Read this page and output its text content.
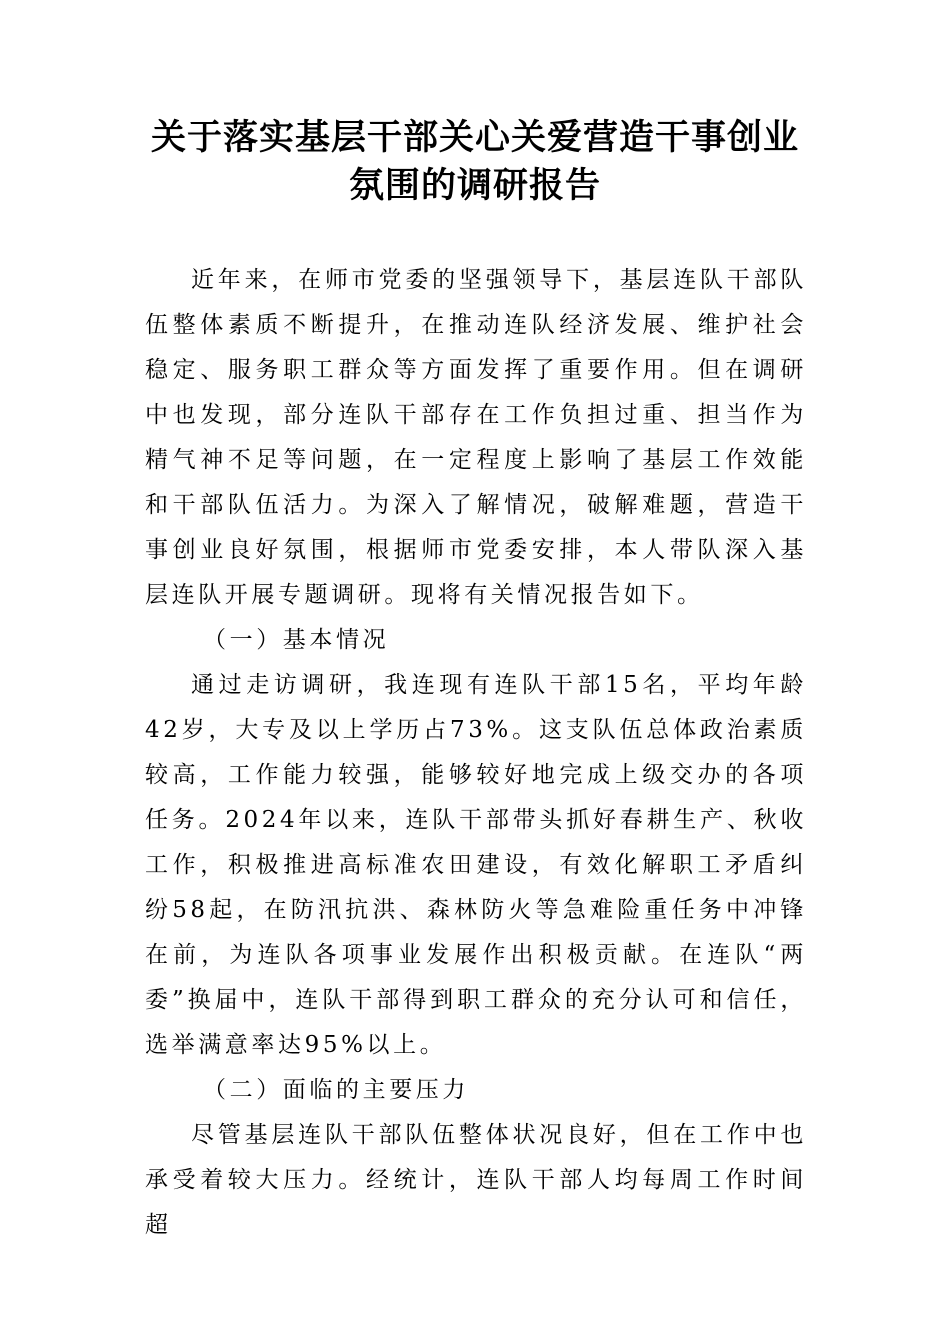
关于落实基层干部关心关爱营造干事创业
氛围的调研报告

近年来，在师市党委的坚强领导下，基层连队干部队伍整体素质不断提升，在推动连队经济发展、维护社会稳定、服务职工群众等方面发挥了重要作用。但在调研中也发现，部分连队干部存在工作负担过重、担当作为精气神不足等问题，在一定程度上影响了基层工作效能和干部队伍活力。为深入了解情况，破解难题，营造干事创业良好氛围，根据师市党委安排，本人带队深入基层连队开展专题调研。现将有关情况报告如下。

（一）基本情况

通过走访调研，我连现有连队干部15名，平均年龄42岁，大专及以上学历占73%。这支队伍总体政治素质较高，工作能力较强，能够较好地完成上级交办的各项任务。2024年以来，连队干部带头抓好春耕生产、秋收工作，积极推进高标准农田建设，有效化解职工矛盾纠纷58起，在防汛抗洪、森林防火等急难险重任务中冲锋在前，为连队各项事业发展作出积极贡献。在连队“两委”换届中，连队干部得到职工群众的充分认可和信任，选举满意率达95%以上。

（二）面临的主要压力

尽管基层连队干部队伍整体状况良好，但在工作中也承受着较大压力。经统计，连队干部人均每周工作时间超
